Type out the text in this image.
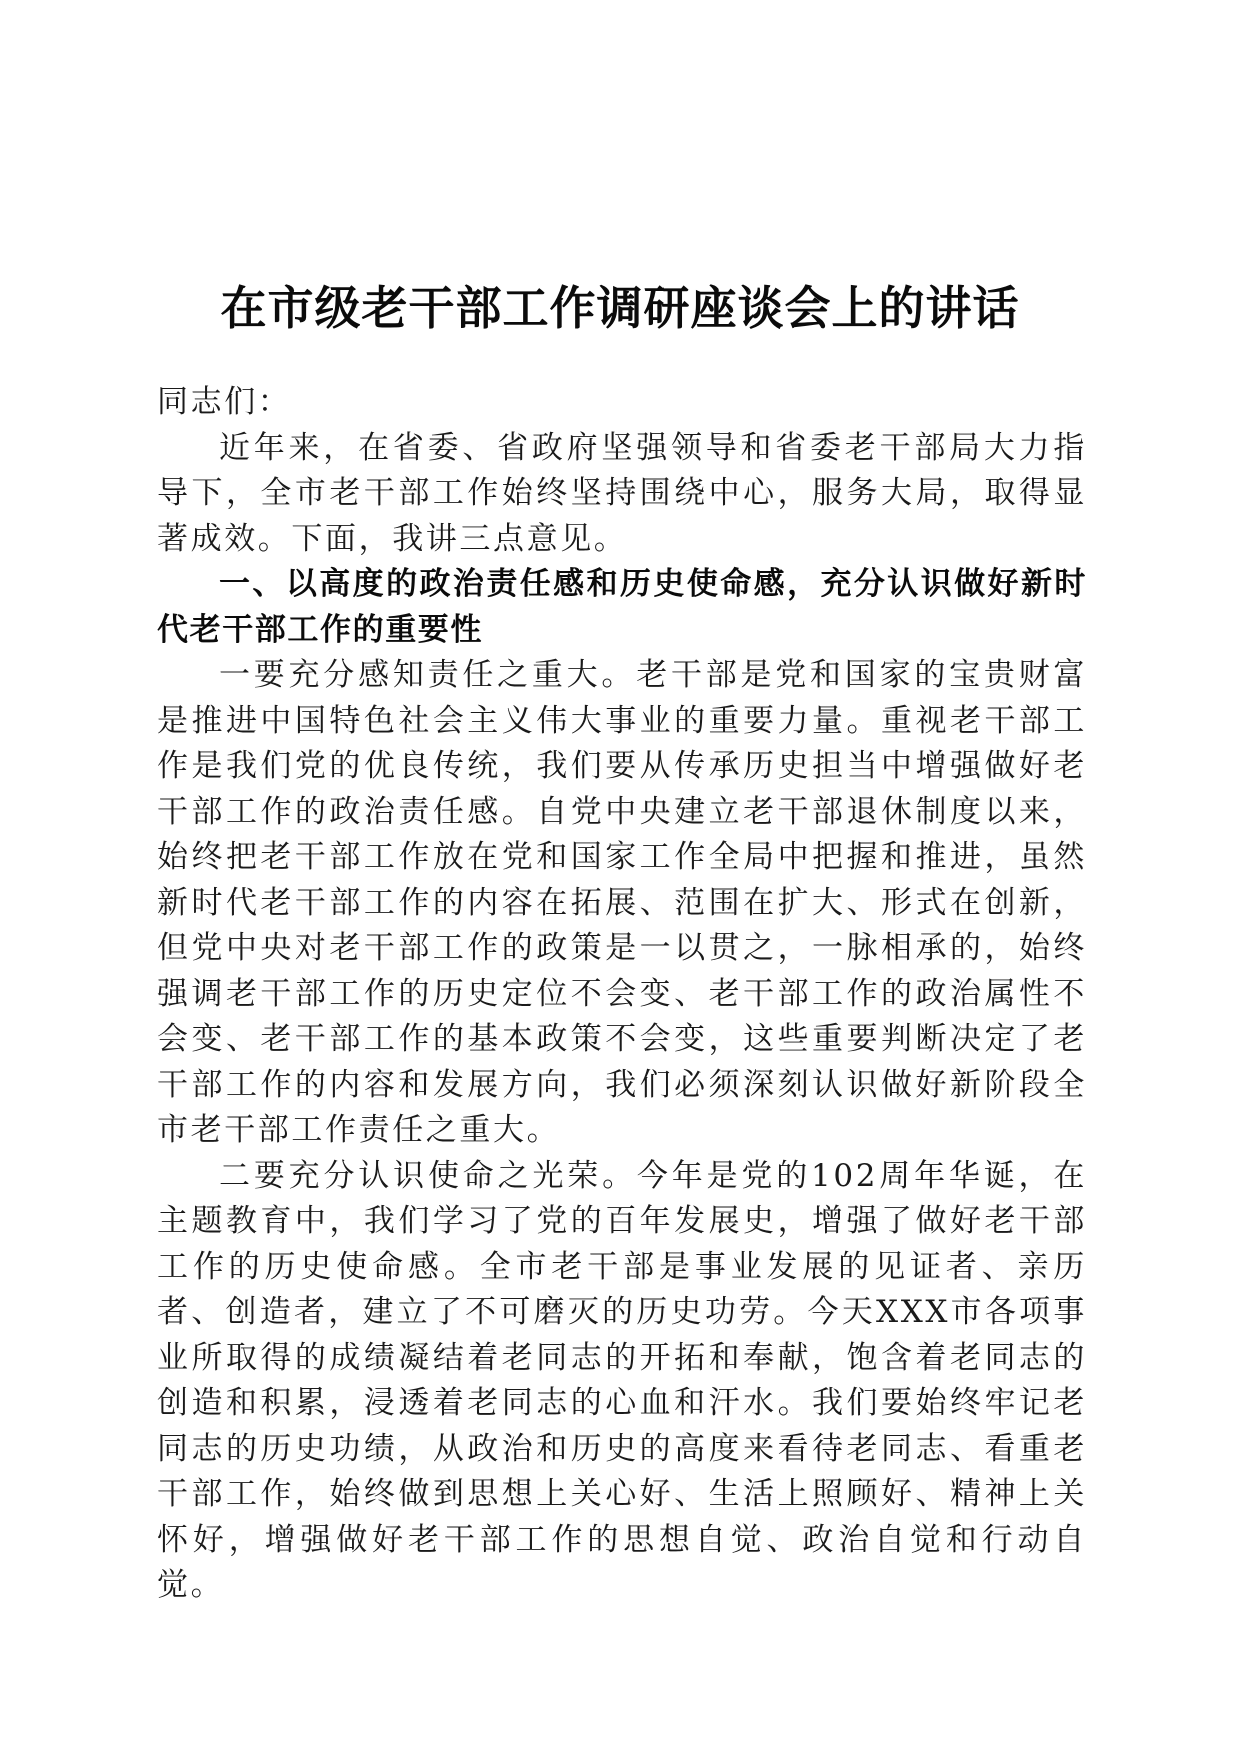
在市级老干部工作调研座谈会上的讲话

同志们：

近年来，在省委、省政府坚强领导和省委老干部局大力指导下，全市老干部工作始终坚持围绕中心，服务大局，取得显著成效。下面，我讲三点意见。

一、以高度的政治责任感和历史使命感，充分认识做好新时代老干部工作的重要性

一要充分感知责任之重大。老干部是党和国家的宝贵财富是推进中国特色社会主义伟大事业的重要力量。重视老干部工作是我们党的优良传统，我们要从传承历史担当中增强做好老干部工作的政治责任感。自党中央建立老干部退休制度以来，始终把老干部工作放在党和国家工作全局中把握和推进，虽然新时代老干部工作的内容在拓展、范围在扩大、形式在创新，但党中央对老干部工作的政策是一以贯之，一脉相承的，始终强调老干部工作的历史定位不会变、老干部工作的政治属性不会变、老干部工作的基本政策不会变，这些重要判断决定了老干部工作的内容和发展方向，我们必须深刻认识做好新阶段全市老干部工作责任之重大。

二要充分认识使命之光荣。今年是党的102周年华诞，在主题教育中，我们学习了党的百年发展史，增强了做好老干部工作的历史使命感。全市老干部是事业发展的见证者、亲历者、创造者，建立了不可磨灭的历史功劳。今天XXX市各项事业所取得的成绩凝结着老同志的开拓和奉献，饱含着老同志的创造和积累，浸透着老同志的心血和汗水。我们要始终牢记老同志的历史功绩，从政治和历史的高度来看待老同志、看重老干部工作，始终做到思想上关心好、生活上照顾好、精神上关怀好，增强做好老干部工作的思想自觉、政治自觉和行动自觉。
